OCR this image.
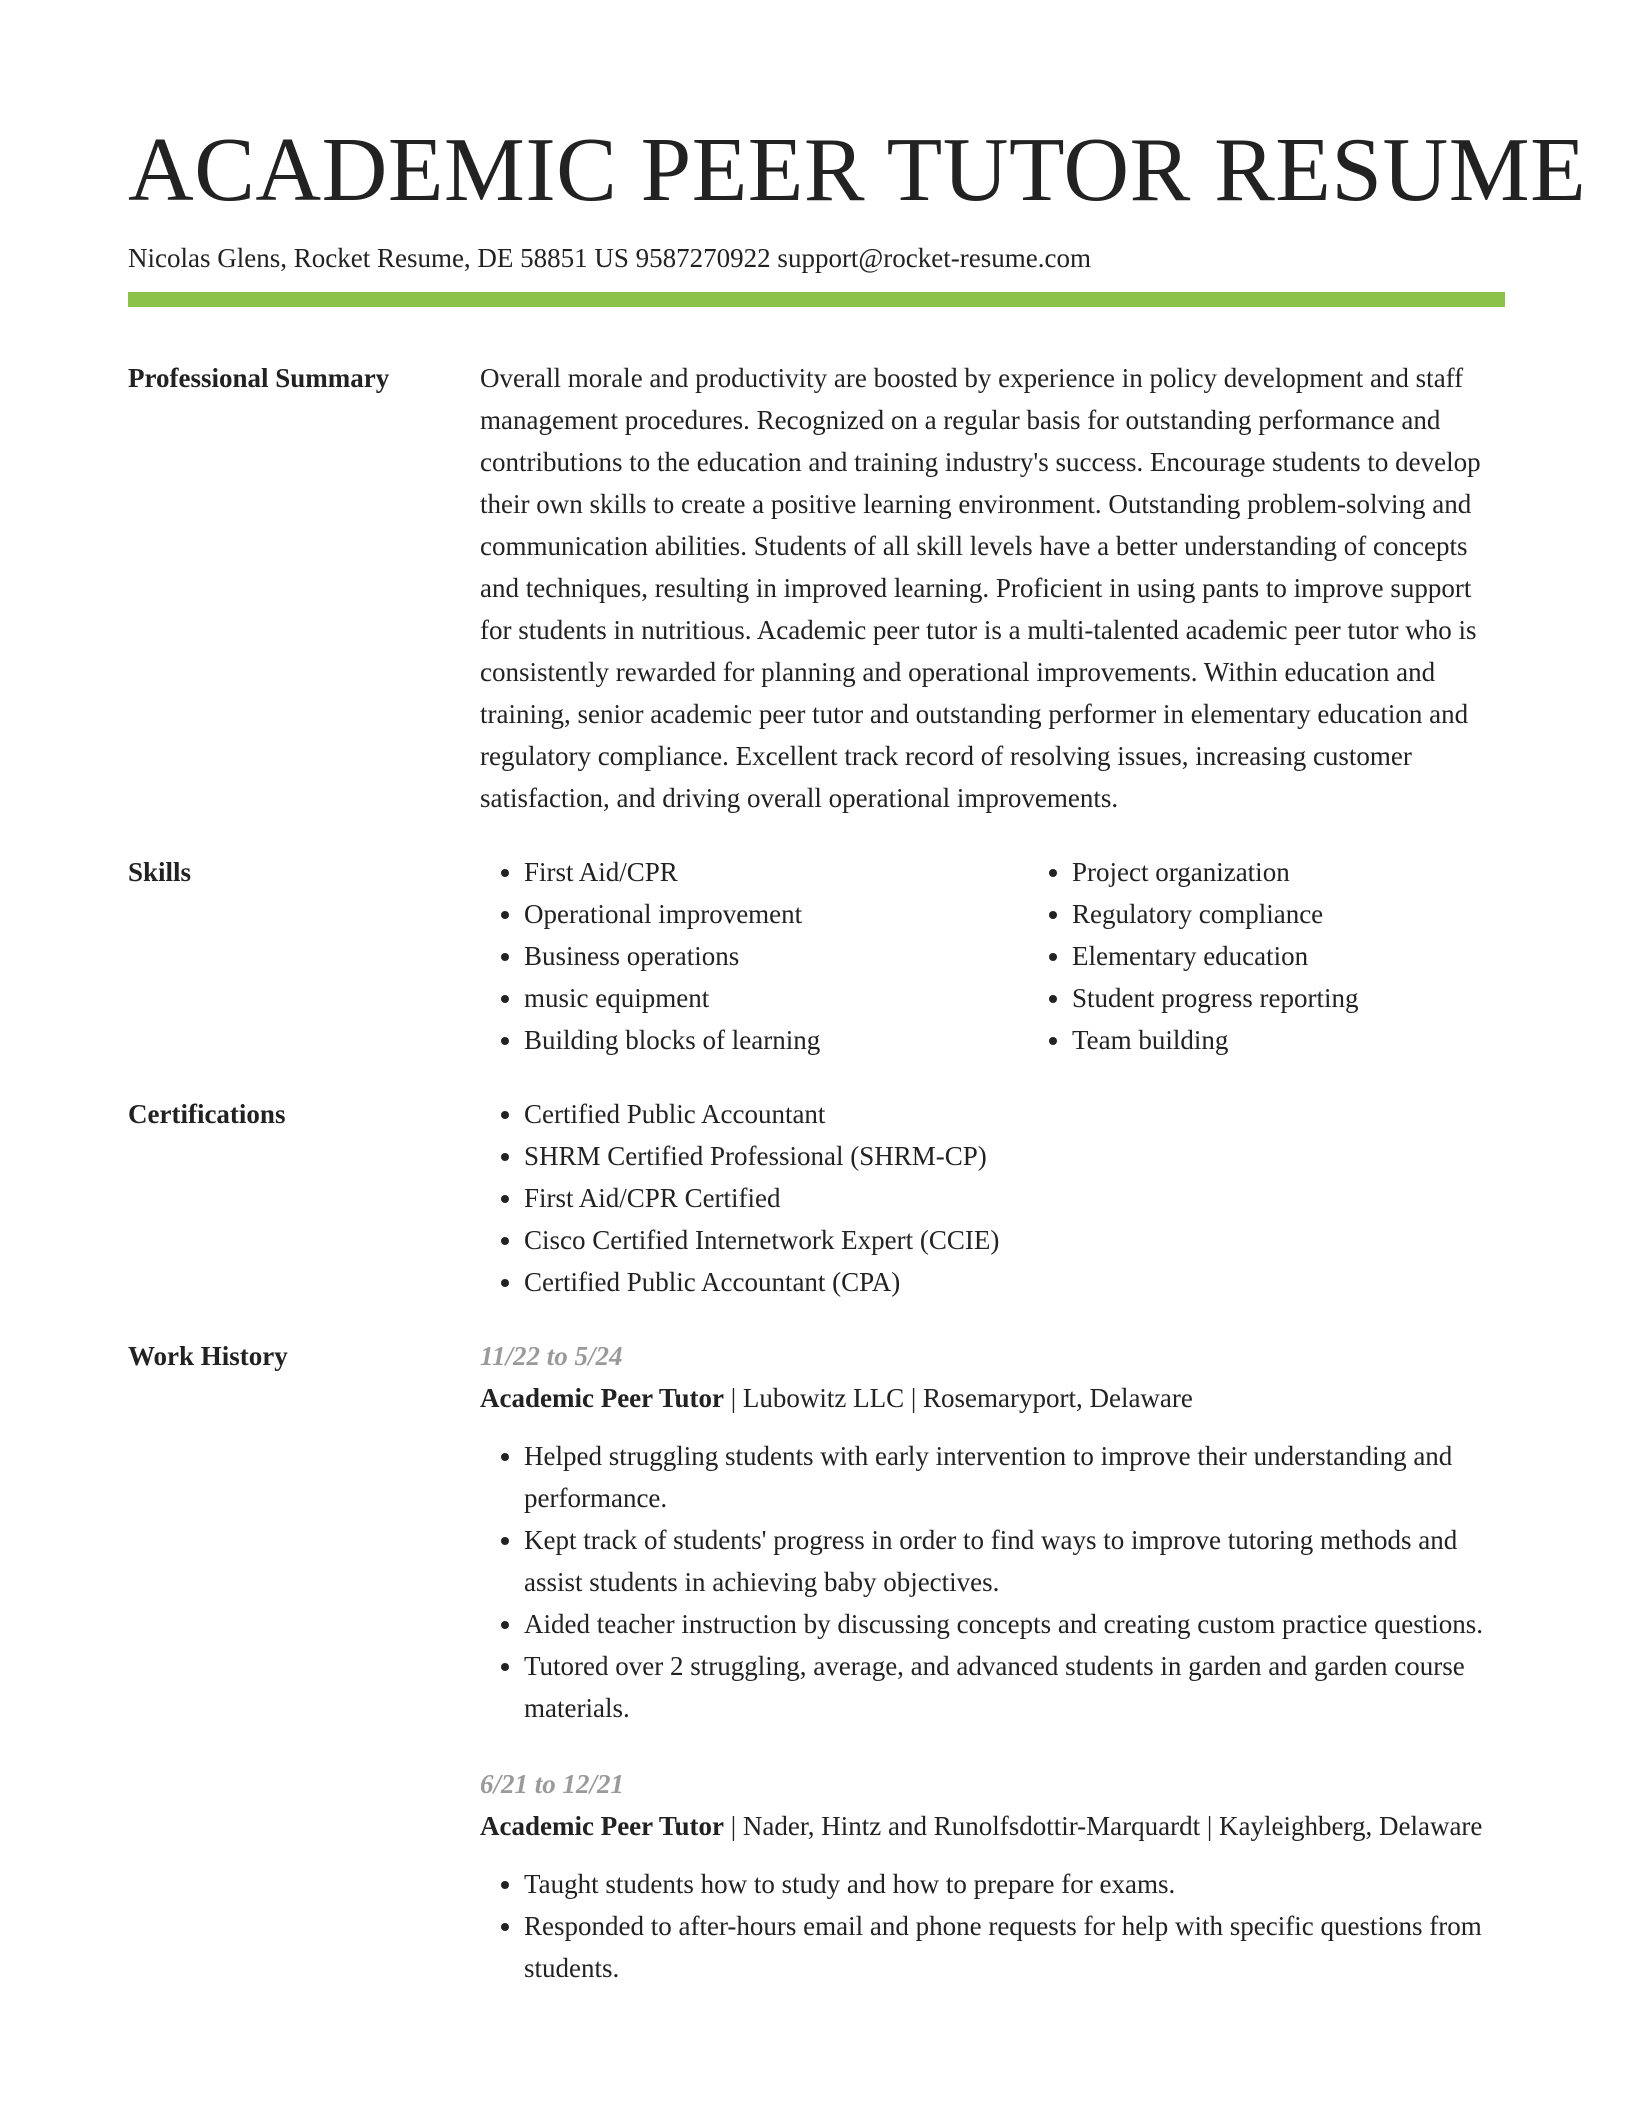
ACADEMIC PEER TUTOR RESUME
Nicolas Glens, Rocket Resume, DE 58851 US 9587270922 support@rocket-resume.com
Professional Summary	Overall morale and productivity are boosted by experience in policy development and staff management procedures. Recognized on a regular basis for outstanding performance and contributions to the education and training industry's success. Encourage students to develop their own skills to create a positive learning environment. Outstanding problem-solving and communication abilities. Students of all skill levels have a better understanding of concepts and techniques, resulting in improved learning. Proficient in using pants to improve support for students in nutritious. Academic peer tutor is a multi-talented academic peer tutor who is consistently rewarded for planning and operational improvements. Within education and training, senior academic peer tutor and outstanding performer in elementary education and regulatory compliance. Excellent track record of resolving issues, increasing customer satisfaction, and driving overall operational improvements.

Skills	• First Aid/CPR
• Operational improvement
• Business operations
• music equipment
• Building blocks of learning
• Project organization
• Regulatory compliance
• Elementary education
• Student progress reporting
• Team building
Certifications	• Certified Public Accountant
• SHRM Certified Professional (SHRM-CP)
• First Aid/CPR Certified
• Cisco Certified Internetwork Expert (CCIE)
• Certified Public Accountant (CPA)
Work History	11/22 to 5/24
Academic Peer Tutor | Lubowitz LLC | Rosemaryport, Delaware
• Helped struggling students with early intervention to improve their understanding and performance.
• Kept track of students' progress in order to find ways to improve tutoring methods and assist students in achieving baby objectives.
• Aided teacher instruction by discussing concepts and creating custom practice questions.
• Tutored over 2 struggling, average, and advanced students in garden and garden course materials.
6/21 to 12/21
Academic Peer Tutor | Nader, Hintz and Runolfsdottir-Marquardt | Kayleighberg, Delaware
• Taught students how to study and how to prepare for exams.
• Responded to after-hours email and phone requests for help with specific questions from students.
